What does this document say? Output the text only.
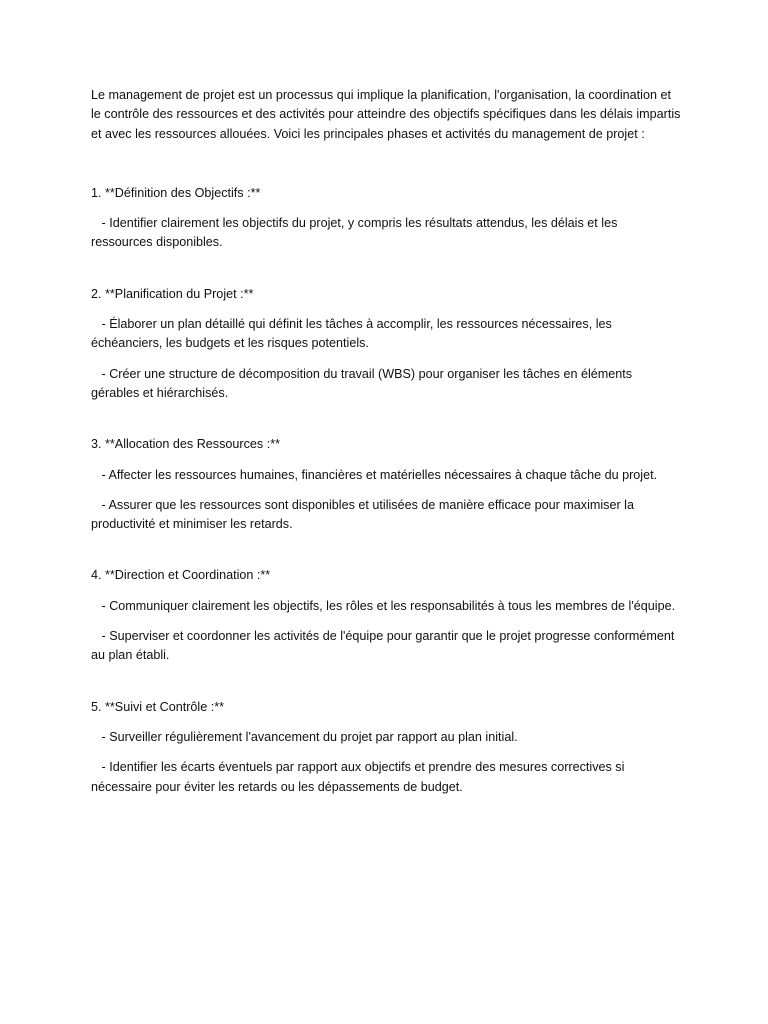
Le management de projet est un processus qui implique la planification, l'organisation, la coordination et le contrôle des ressources et des activités pour atteindre des objectifs spécifiques dans les délais impartis et avec les ressources allouées. Voici les principales phases et activités du management de projet :

1. **Définition des Objectifs :**

- Identifier clairement les objectifs du projet, y compris les résultats attendus, les délais et les ressources disponibles.

2. **Planification du Projet :**

- Élaborer un plan détaillé qui définit les tâches à accomplir, les ressources nécessaires, les échéanciers, les budgets et les risques potentiels.

- Créer une structure de décomposition du travail (WBS) pour organiser les tâches en éléments gérables et hiérarchisés.

3. **Allocation des Ressources :**

- Affecter les ressources humaines, financières et matérielles nécessaires à chaque tâche du projet.

- Assurer que les ressources sont disponibles et utilisées de manière efficace pour maximiser la productivité et minimiser les retards.

4. **Direction et Coordination :**

- Communiquer clairement les objectifs, les rôles et les responsabilités à tous les membres de l'équipe.

- Superviser et coordonner les activités de l'équipe pour garantir que le projet progresse conformément au plan établi.

5. **Suivi et Contrôle :**

- Surveiller régulièrement l'avancement du projet par rapport au plan initial.

- Identifier les écarts éventuels par rapport aux objectifs et prendre des mesures correctives si nécessaire pour éviter les retards ou les dépassements de budget.
